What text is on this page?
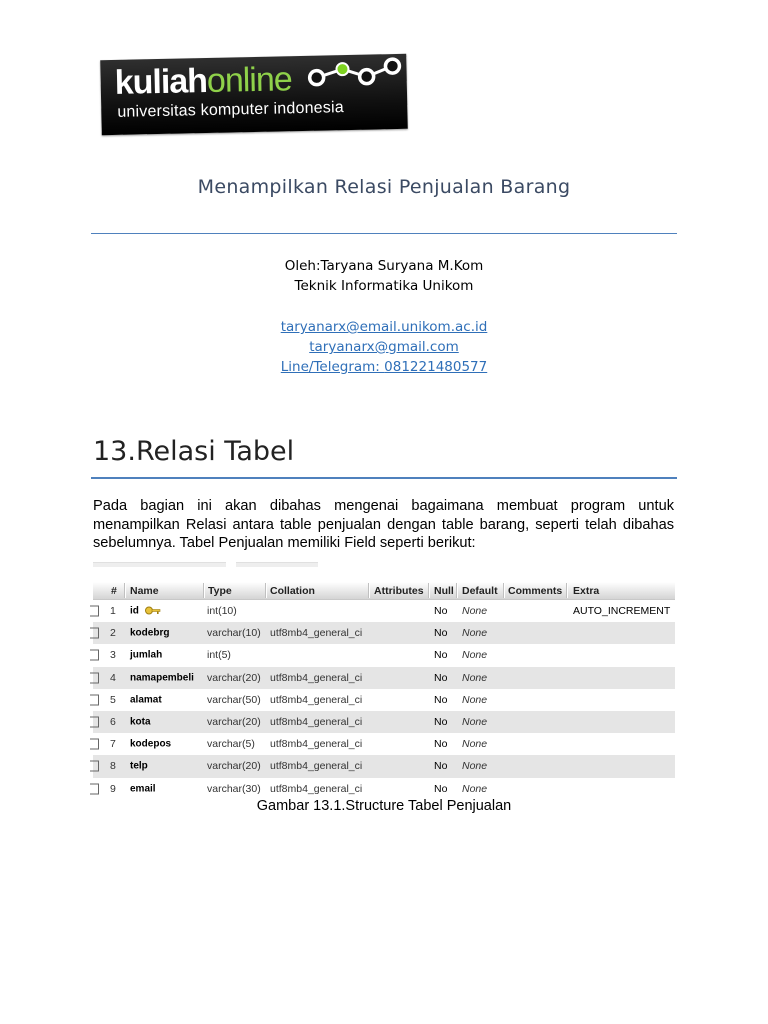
kuliahonline
universitas komputer indonesia
Menampilkan Relasi Penjualan Barang
Oleh:Taryana Suryana M.Kom
Teknik Informatika Unikom
taryanarx@email.unikom.ac.id
taryanarx@gmail.com
Line/Telegram: 081221480577
13.Relasi Tabel
Pada bagian ini akan dibahas mengenai bagaimana membuat program untuk menampilkan Relasi antara table penjualan dengan table barang, seperti telah dibahas sebelumnya. Tabel Penjualan memiliki Field seperti berikut:
# Name	Type	Collation	Attributes Null Default Comments Extra
1 id	int(10)	No None	AUTO_INCREMENT
2 kodebrg	varchar(10) utf8mb4_general_ci	No None
3 jumlah	int(5)	No None
4 namapembeli varchar(20) utf8mb4_general_ci	No None
5 alamat	varchar(50) utf8mb4_general_ci	No None
6 kota	varchar(20) utf8mb4_general_ci	No None
7 kodepos	varchar(5) utf8mb4_general_ci	No None
8 telp	varchar(20) utf8mb4_general_ci	No None
9 email	varchar(30) utf8mb4_general_ci	No None
Gambar 13.1.Structure Tabel Penjualan
